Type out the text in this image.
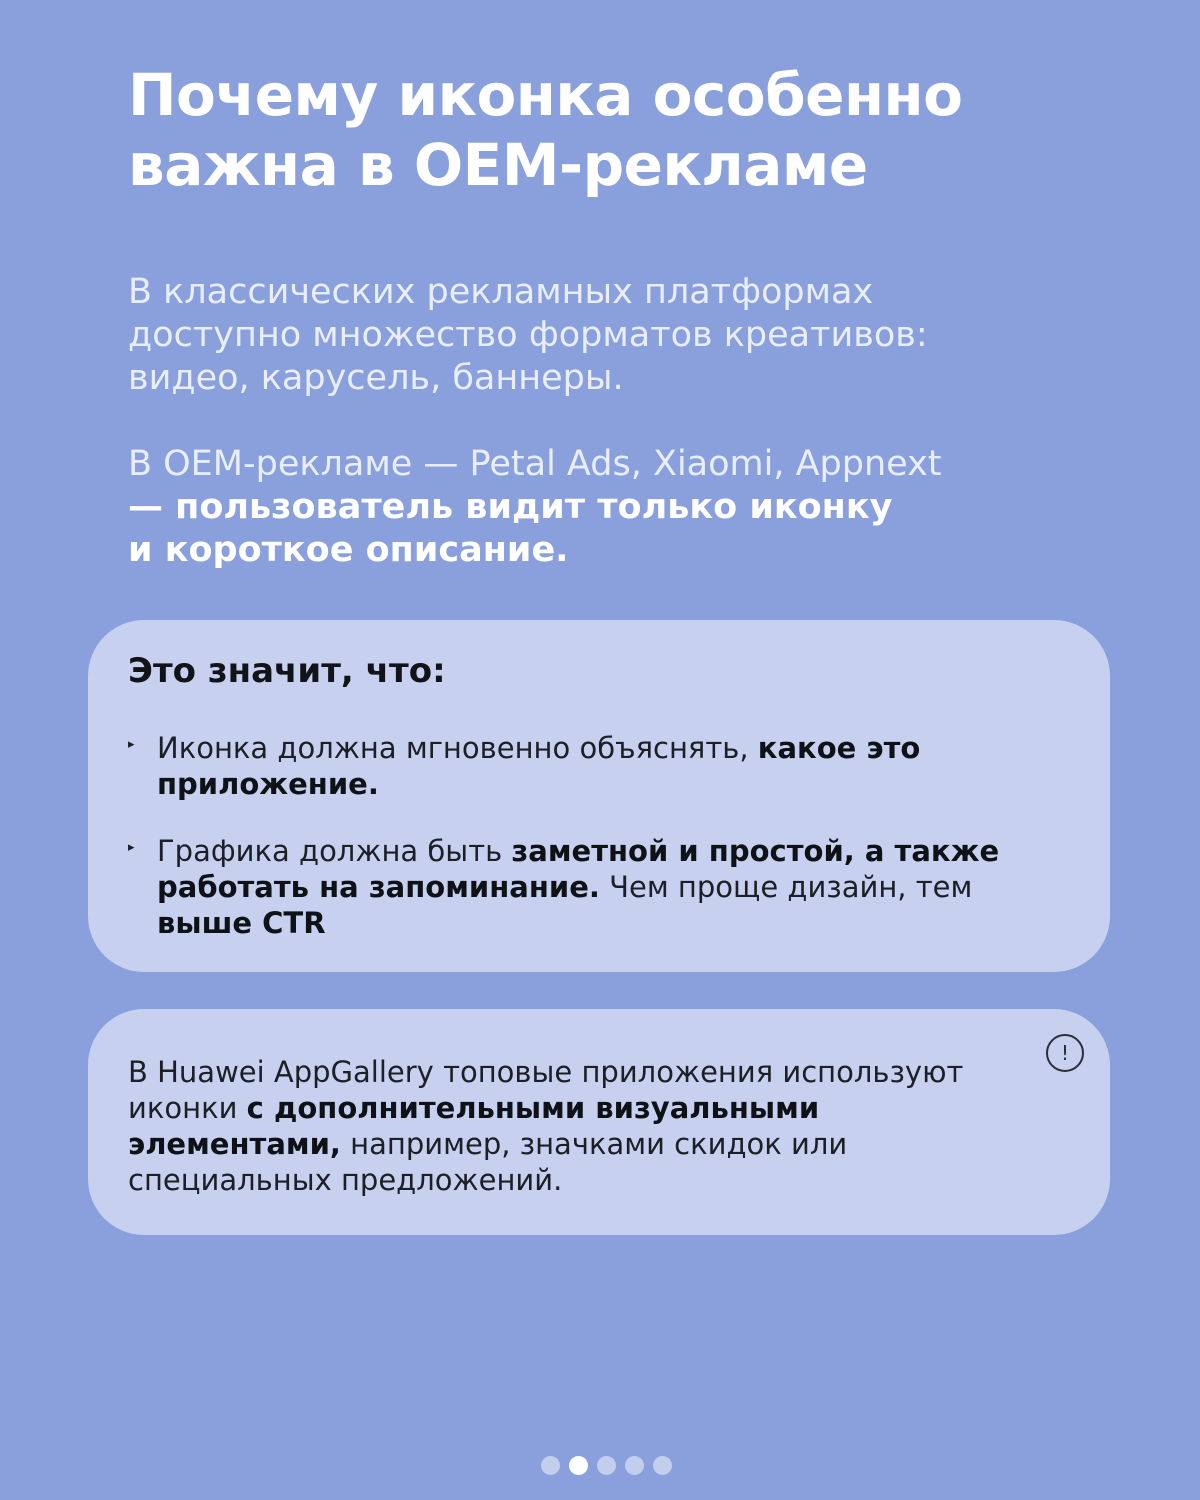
Почему иконка особенно
важна в OEM-рекламе

В классических рекламных платформах
доступно множество форматов креативов:
видео, карусель, баннеры.

В OEM-рекламе — Petal Ads, Xiaomi, Appnext
— пользователь видит только иконку
и короткое описание.

Это значит, что:
▸ Иконка должна мгновенно объяснять, какое это приложение.
▸ Графика должна быть заметной и простой, а также работать на запоминание. Чем проще дизайн, тем выше CTR
!

В Huawei AppGallery топовые приложения используют иконки с дополнительными визуальными элементами, например, значками скидок или специальных предложений.
